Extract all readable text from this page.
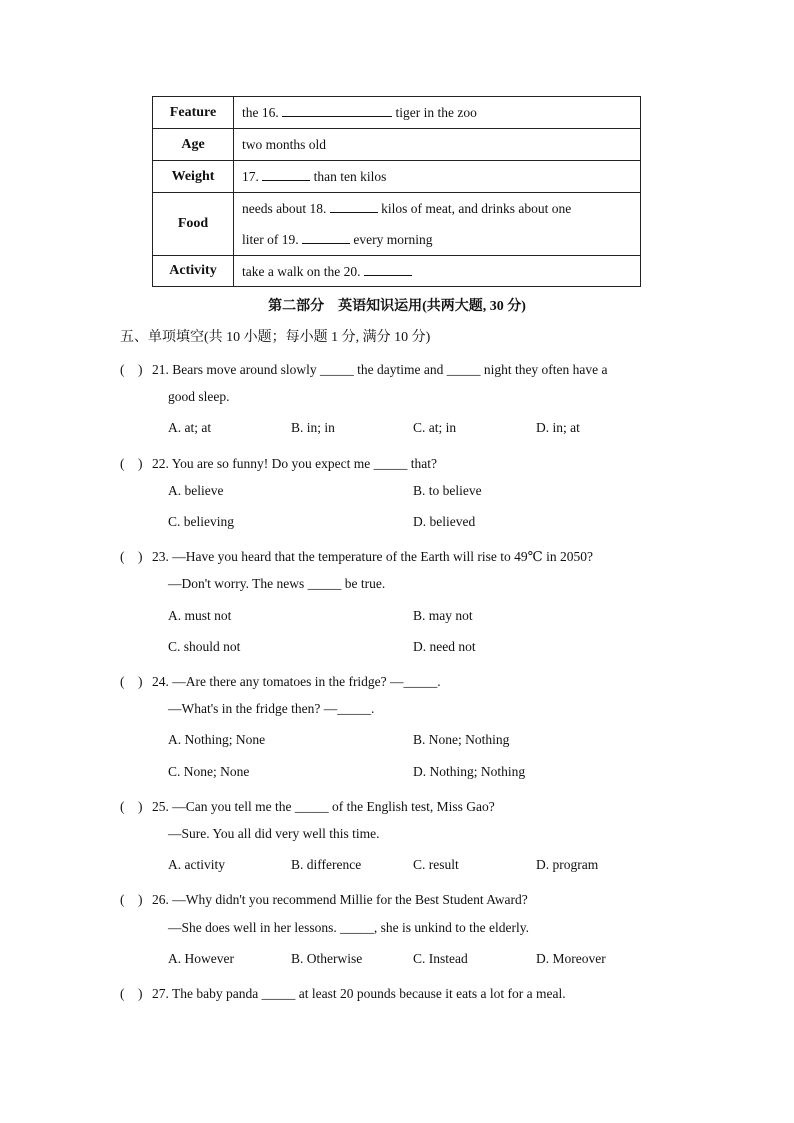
Feature	the 16. tiger in the zoo
Age	two months old
Weight	17. than ten kilos
Food	needs about 18. kilos of meat, and drinks about one
liter of 19. every morning

Activity	take a walk on the 20.
第二部分　英语知识运用(共两大题, 30 分)
五、单项填空(共 10 小题；每小题 1 分, 满分 10 分)
(　) 21. Bears move around slowly _____ the daytime and _____ night they often have a
good sleep.
A. at; at	B. in; in	C. at; in	D. in; at
(　) 22. You are so funny! Do you expect me _____ that?
A. believe	B. to believe
C. believing	D. believed
(　) 23. —Have you heard that the temperature of the Earth will rise to 49℃ in 2050?
—Don't worry. The news _____ be true.
A. must not	B. may not
C. should not	D. need not
(　) 24. —Are there any tomatoes in the fridge? —_____.
—What's in the fridge then? —_____.
A. Nothing; None	B. None; Nothing
C. None; None	D. Nothing; Nothing
(　) 25. —Can you tell me the _____ of the English test, Miss Gao?
—Sure. You all did very well this time.
A. activity	B. difference	C. result	D. program
(　) 26. —Why didn't you recommend Millie for the Best Student Award?
—She does well in her lessons. _____, she is unkind to the elderly.
A. However	B. Otherwise	C. Instead	D. Moreover
(　) 27. The baby panda _____ at least 20 pounds because it eats a lot for a meal.
